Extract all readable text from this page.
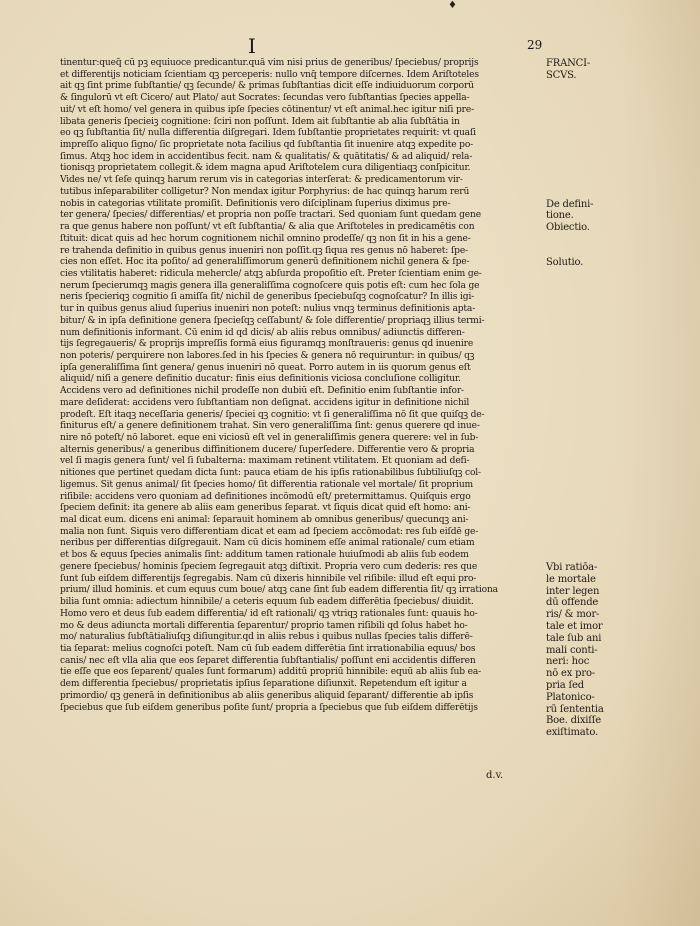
♦
I	29
tinentur:queq̃ cū pꝫ equiuoce predicantur.quā vim nisi prius de generibus/ ſpeciebus/ proprijs
et differentijs noticiam ſcientiam qꝫ perceperis: nullo vnq̃ tempore diſcernes. Idem Ariſtoteles
ait qꝫ ſint prime ſubſtantie/ qꝫ ſecunde/ & primas ſubſtantias dicit eſſe indiuiduorum corporū
& ſingulorū vt eſt Cicero/ aut Plato/ aut Socrates: ſecundas vero ſubſtantias ſpecies appella-
uit/ vt eſt homo/ vel genera in quibus ipſe ſpecies cōtinentur/ vt eſt animal.hec igitur niſi pre-
libata generis ſpecieiꝫ cognitione: ſciri non poſſunt. Idem ait ſubſtantie ab alia ſubſtātia in
eo qꝫ ſubſtantia ſit/ nulla differentia diſgregari. Idem ſubſtantie proprietates requirit: vt quaſi
impreſſo aliquo ſigno/ ſic proprietate nota facilius qd ſubſtantia ſit inuenire atqꝫ expedite po-
ſimus. Atqꝫ hoc idem in accidentibus fecit. nam & qualitatis/ & quātitatis/ & ad aliquid/ rela-
tionisqꝫ proprietatem collegit.& idem magna apud Ariſtotelem cura diligentiaqꝫ conſpicitur.
Vides ne/ vt ſeſe quinqꝫ harum rerum vis in categorias interſerat: & predicamentorum vir-
tutibus inſeparabiliter colligetur? Non mendax igitur Porphyrius: de hac quinqꝫ harum rerū
nobis in categorias vtilitate promiſit. Definitionis vero diſciplinam ſuperius diximus pre-
ter genera/ ſpecies/ differentias/ et propria non poſſe tractari. Sed quoniam ſunt quedam gene
ra que genus habere non poſſunt/ vt eſt ſubſtantia/ & alia que Ariſtoteles in predicamētis con
ſtituit: dicat quis ad hec horum cognitionem nichil omnino prodeſſe/ qꝫ non ſit in his a gene-
re trahenda definitio in quibus genus inueniri non poſſit.qꝫ ſiqua res genus nō haberet: ſpe-
cies non eſſet. Hoc ita poſito/ ad generaliſſimorum generū definitionem nichil genera & ſpe-
cies vtilitatis haberet: ridicula mehercle/ atqꝫ abſurda propoſitio eſt. Preter ſcientiam enim ge-
nerum ſpecierumqꝫ magis genera illa generaliſſima cognoſcere quis potis eſt: cum hec ſola ge
neris ſpecieriqꝫ cognitio ſi amiſſa ſit/ nichil de generibus ſpeciebuſqꝫ cognoſcatur? In illis igi-
tur in quibus genus aliud ſuperius inueniri non poteſt: nulius vnqꝫ terminus definitionis apta-
bitur/ & in ipſa definitione genera ſpecieſqꝫ ceſſabunt/ & ſole differentie/ propriaqꝫ illius termi-
num definitionis informant. Cū enim id qd dicis/ ab aliis rebus omnibus/ adiunctis differen-
tijs ſegregaueris/ & proprijs impreſſis formā eius figuramqꝫ monſtraueris: genus qd inuenire
non poteris/ perquirere non labores.ſed in his ſpecies & genera nō requiruntur: in quibus/ qꝫ
ipſa generaliſſima ſint genera/ genus inueniri nō queat. Porro autem in iis quorum genus eſt
aliquid/ niſi a genere definitio ducatur: finis eius definitionis viciosa concluſione colligitur.
Accidens vero ad definitiones nichil prodeſſe non dubiū eſt. Definitio enim ſubſtantie infor-
mare deſiderat: accidens vero ſubſtantiam non deſignat. accidens igitur in definitione nichil
prodeſt. Eſt itaqꝫ neceſſaria generis/ ſpeciei qꝫ cognitio: vt ſi generaliſſima nō ſit que quiſqꝫ de-
finiturus eſt/ a genere definitionem trahat. Sin vero generaliſſima ſint: genus querere qd inue-
nire nō poteſt/ nō laboret. eque eni viciosū eſt vel in generaliſſimis genera querere: vel in ſub-
alternis generibus/ a generibus diffinitionem ducere/ ſuperſedere. Differentie vero & propria
vel ſi magis genera ſunt/ vel ſi ſubalterna: maximam retinent vtilitatem. Et quoniam ad defi-
nitiones que pertinet quedam dicta ſunt: pauca etiam de his ipſis rationabilibus ſubtiliuſqꝫ col-
ligemus. Sit genus animal/ ſit ſpecies homo/ ſit differentia rationale vel mortale/ ſit proprium
riſibile: accidens vero quoniam ad definitiones incōmodū eſt/ pretermittamus. Quiſquis ergo
ſpeciem definit: ita genere ab aliis eam generibus ſeparat. vt ſiquis dicat quid eſt homo: ani-
mal dicat eum. dicens eni animal: ſeparauit hominem ab omnibus generibus/ quecunqꝫ ani-
malia non ſunt. Siquis vero differentiam dicat et eam ad ſpeciem accōmodat: res ſub eiſdē ge-
neribus per differentias diſgregauit. Nam cū dicis hominem eſſe animal rationale/ cum etiam
et bos & equus ſpecies animalis ſint: additum tamen rationale huiuſmodi ab aliis ſub eodem
genere ſpeciebus/ hominis ſpeciem ſegregauit atqꝫ diſtixit. Propria vero cum dederis: res que
ſunt ſub eiſdem differentijs ſegregabis. Nam cū dixeris hinnibile vel riſibile: illud eſt equi pro-
prium/ illud hominis. et cum equus cum boue/ atqꝫ cane ſint ſub eadem differentia ſit/ qꝫ irrationa
bilia ſunt omnia: adiectum hinnibile/ a ceteris equum ſub eadem differētia ſpeciebus/ diuidit.
Homo vero et deus ſub eadem differentia/ id eſt rationali/ qꝫ vtriqꝫ rationales ſunt: quauis ho-
mo & deus adiuncta mortali differentia ſeparentur/ proprio tamen riſibili qd ſolus habet ho-
mo/ naturalius ſubſtātialiuſqꝫ diſiungitur.qd in aliis rebus i quibus nullas ſpecies talis differē-
tia ſeparat: melius cognoſci poteſt. Nam cū ſub eadem differētia ſint irrationabilia equus/ bos
canis/ nec eſt vlla alia que eos ſeparet differentia ſubſtantialis/ poſſunt eni accidentis differen
tie eſſe que eos ſeparent/ quales ſunt formarum) additū propriū hinnibile: equū ab aliis ſub ea-
dem differentia ſpeciebus/ proprietatis ipſius ſeparatione diſiunxit. Repetendum eſt igitur a
primordio/ qꝫ generā in definitionibus ab aliis generibus aliquid ſeparant/ differentie ab ipſis
ſpeciebus que ſub eiſdem generibus poſite ſunt/ propria a ſpeciebus que ſub eiſdem differētijs
FRANCI-
SCVS.
De defini-
tione.
Obiectio.
Solutio.
Vbi ratiōa-
le mortale
inter legen
dū offende
ris/ & mor-
tale et imor
tale ſub ani
mali conti-
neri: hoc
nō ex pro-
pria ſed
Platonico-
rū ſententia
Boe. dixiſſe
exiſtimato.
d.v.
